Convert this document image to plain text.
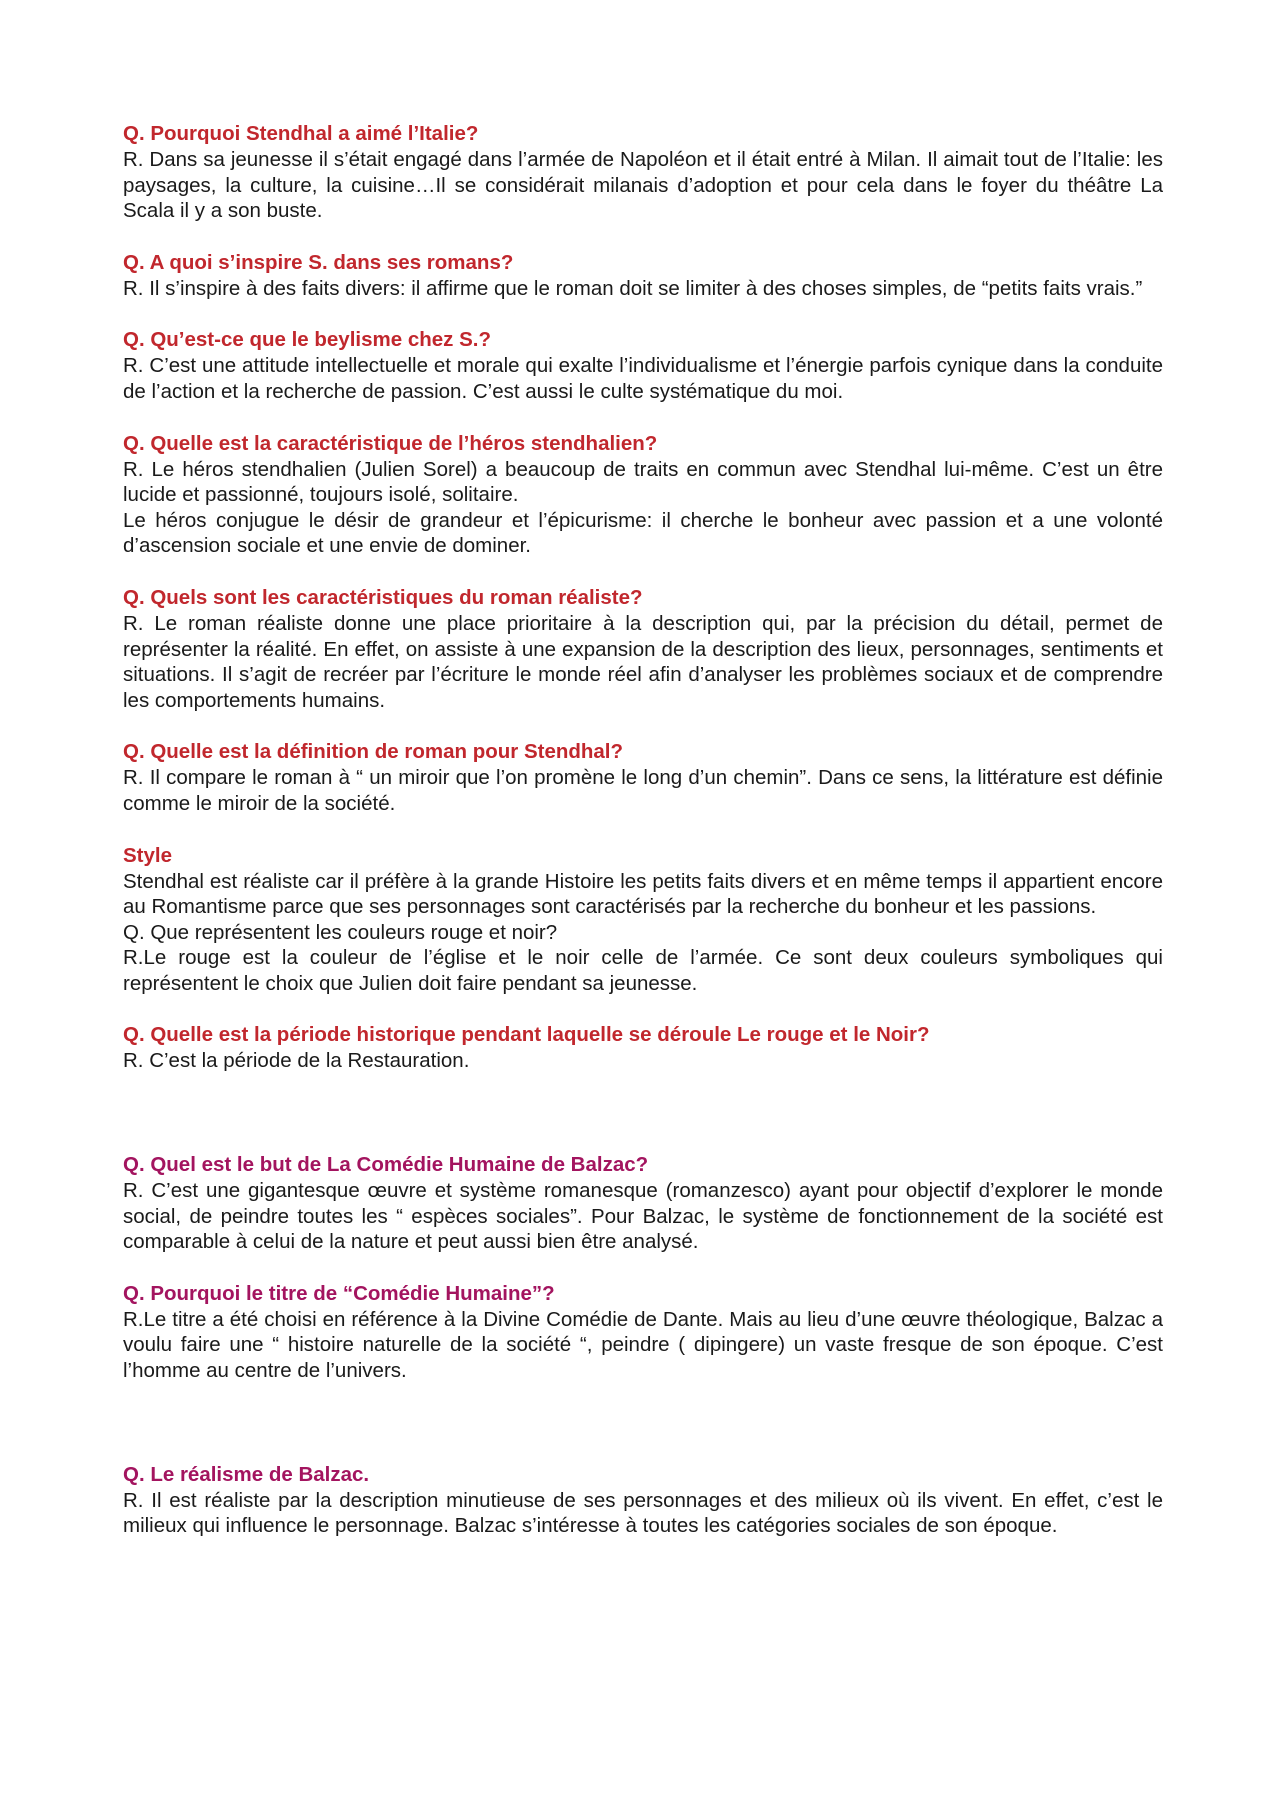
Q. Pourquoi Stendhal a aimé l’Italie?

R. Dans sa jeunesse il s’était engagé dans l’armée de Napoléon et il était entré à Milan. Il aimait tout de l’Italie: les paysages, la culture, la cuisine…Il se considérait milanais d’adoption et pour cela dans le foyer du théâtre La Scala il y a son buste.

Q. A quoi s’inspire S. dans ses romans?

R. Il s’inspire à des faits divers: il affirme que le roman doit se limiter à des choses simples, de “petits faits vrais.”

Q. Qu’est-ce que le beylisme chez S.?

R. C’est une attitude intellectuelle et morale qui exalte l’individualisme et l’énergie parfois cynique dans la conduite de l’action et la recherche de passion. C’est aussi le culte systématique du moi.

Q. Quelle est la caractéristique de l’héros stendhalien?

R. Le héros stendhalien (Julien Sorel) a beaucoup de traits en commun avec Stendhal lui-même. C’est un être lucide et passionné, toujours isolé, solitaire.

Le héros conjugue le désir de grandeur et l’épicurisme: il cherche le bonheur avec passion et a une volonté d’ascension sociale et une envie de dominer.

Q. Quels sont les caractéristiques du roman réaliste?

R. Le roman réaliste donne une place prioritaire à la description qui, par la précision du détail, permet de représenter la réalité. En effet, on assiste à une expansion de la description des lieux, personnages, sentiments et situations. Il s’agit de recréer par l’écriture le monde réel afin d’analyser les problèmes sociaux et de comprendre les comportements humains.

Q. Quelle est la définition de roman pour Stendhal?

R. Il compare le roman à “ un miroir que l’on promène le long d’un chemin”. Dans ce sens, la littérature est définie comme le miroir de la société.

Style

Stendhal est réaliste car il préfère à la grande Histoire les petits faits divers et en même temps il appartient encore au Romantisme parce que ses personnages sont caractérisés par la recherche du bonheur et les passions.

Q. Que représentent les couleurs rouge et noir?

R.Le rouge est la couleur de l’église et le noir celle de l’armée. Ce sont deux couleurs symboliques qui représentent le choix que Julien doit faire pendant sa jeunesse.

Q. Quelle est la période historique pendant laquelle se déroule Le rouge et le Noir?

R. C’est la période de la Restauration.

Q. Quel est le but de La Comédie Humaine de Balzac?

R. C’est une gigantesque œuvre et système romanesque (romanzesco) ayant pour objectif d’explorer le monde social, de peindre toutes les “ espèces sociales”. Pour Balzac, le système de fonctionnement de la société est comparable à celui de la nature et peut aussi bien être analysé.

Q. Pourquoi le titre de “Comédie Humaine”?

R.Le titre a été choisi en référence à la Divine Comédie de Dante. Mais au lieu d’une œuvre théologique, Balzac a voulu faire une “ histoire naturelle de la société “, peindre ( dipingere) un vaste fresque de son époque. C’est l’homme au centre de l’univers.

Q. Le réalisme de Balzac.

R. Il est réaliste par la description minutieuse de ses personnages et des milieux où ils vivent. En effet, c’est le milieux qui influence le personnage. Balzac s’intéresse à toutes les catégories sociales de son époque.
